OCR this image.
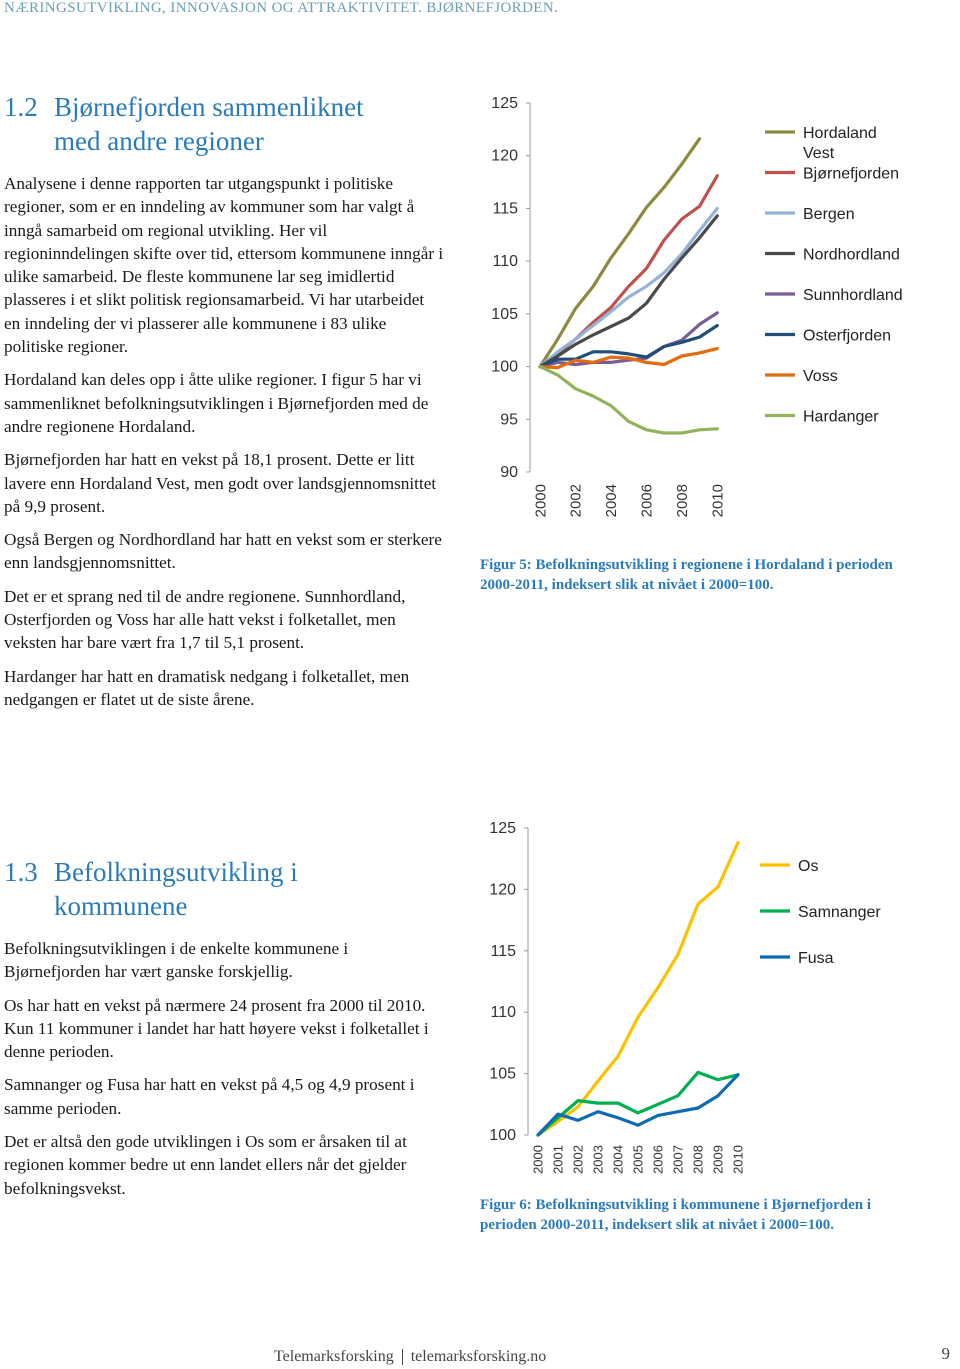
NÆRINGSUTVIKLING, INNOVASJON OG ATTRAKTIVITET. BJØRNEFJORDEN.
1.2 Bjørnefjorden sammenliknet
med andre regioner

Analysene i denne rapporten tar utgangspunkt i politiske regioner, som er en inndeling av kommuner som har valgt å inngå samarbeid om regional utvikling. Her vil regioninndelingen skifte over tid, ettersom kommunene inngår i ulike samarbeid. De fleste kommunene lar seg imidlertid plasseres i et slikt politisk regionsamarbeid. Vi har utarbeidet en inndeling der vi plasserer alle kommunene i 83 ulike politiske regioner.

Hordaland kan deles opp i åtte ulike regioner. I figur 5 har vi sammenliknet befolkningsutviklingen i Bjørnefjorden med de andre regionene Hordaland.

Bjørnefjorden har hatt en vekst på 18,1 prosent. Dette er litt lavere enn Hordaland Vest, men godt over landsgjennomsnittet på 9,9 prosent.

Også Bergen og Nordhordland har hatt en vekst som er sterkere enn landsgjennomsnittet.

Det er et sprang ned til de andre regionene. Sunnhordland, Osterfjorden og Voss har alle hatt vekst i folketallet, men veksten har bare vært fra 1,7 til 5,1 prosent.

Hardanger har hatt en dramatisk nedgang i folketallet, men nedgangen er flatet ut de siste årene.

1.3 Befolkningsutvikling i
kommunene

Befolkningsutviklingen i de enkelte kommunene i Bjørnefjorden har vært ganske forskjellig.

Os har hatt en vekst på nærmere 24 prosent fra 2000 til 2010. Kun 11 kommuner i landet har hatt høyere vekst i folketallet i denne perioden.

Samnanger og Fusa har hatt en vekst på 4,5 og 4,9 prosent i samme perioden.

Det er altså den gode utviklingen i Os som er årsaken til at regionen kommer bedre ut enn landet ellers når det gjelder befolkningsvekst.

125
120
115
110
105
100
95
90
2000 2002 2004 2006 2008 2010
Hordaland
Vest
Bjørnefjorden
Bergen
Nordhordland
Sunnhordland
Osterfjorden
Voss
Hardanger
Figur 5: Befolkningsutvikling i regionene i Hordaland i perioden 2000-2011, indeksert slik at nivået i 2000=100.
125
120
115
110
105
100
2000 2001 2002 2003 2004 2005 2006 2007 2008 2009 2010
Os
Samnanger
Fusa
Figur 6: Befolkningsutvikling i kommunene i Bjørnefjorden i perioden 2000-2011, indeksert slik at nivået i 2000=100.
Telemarksforsking telemarksforsking.no	9
